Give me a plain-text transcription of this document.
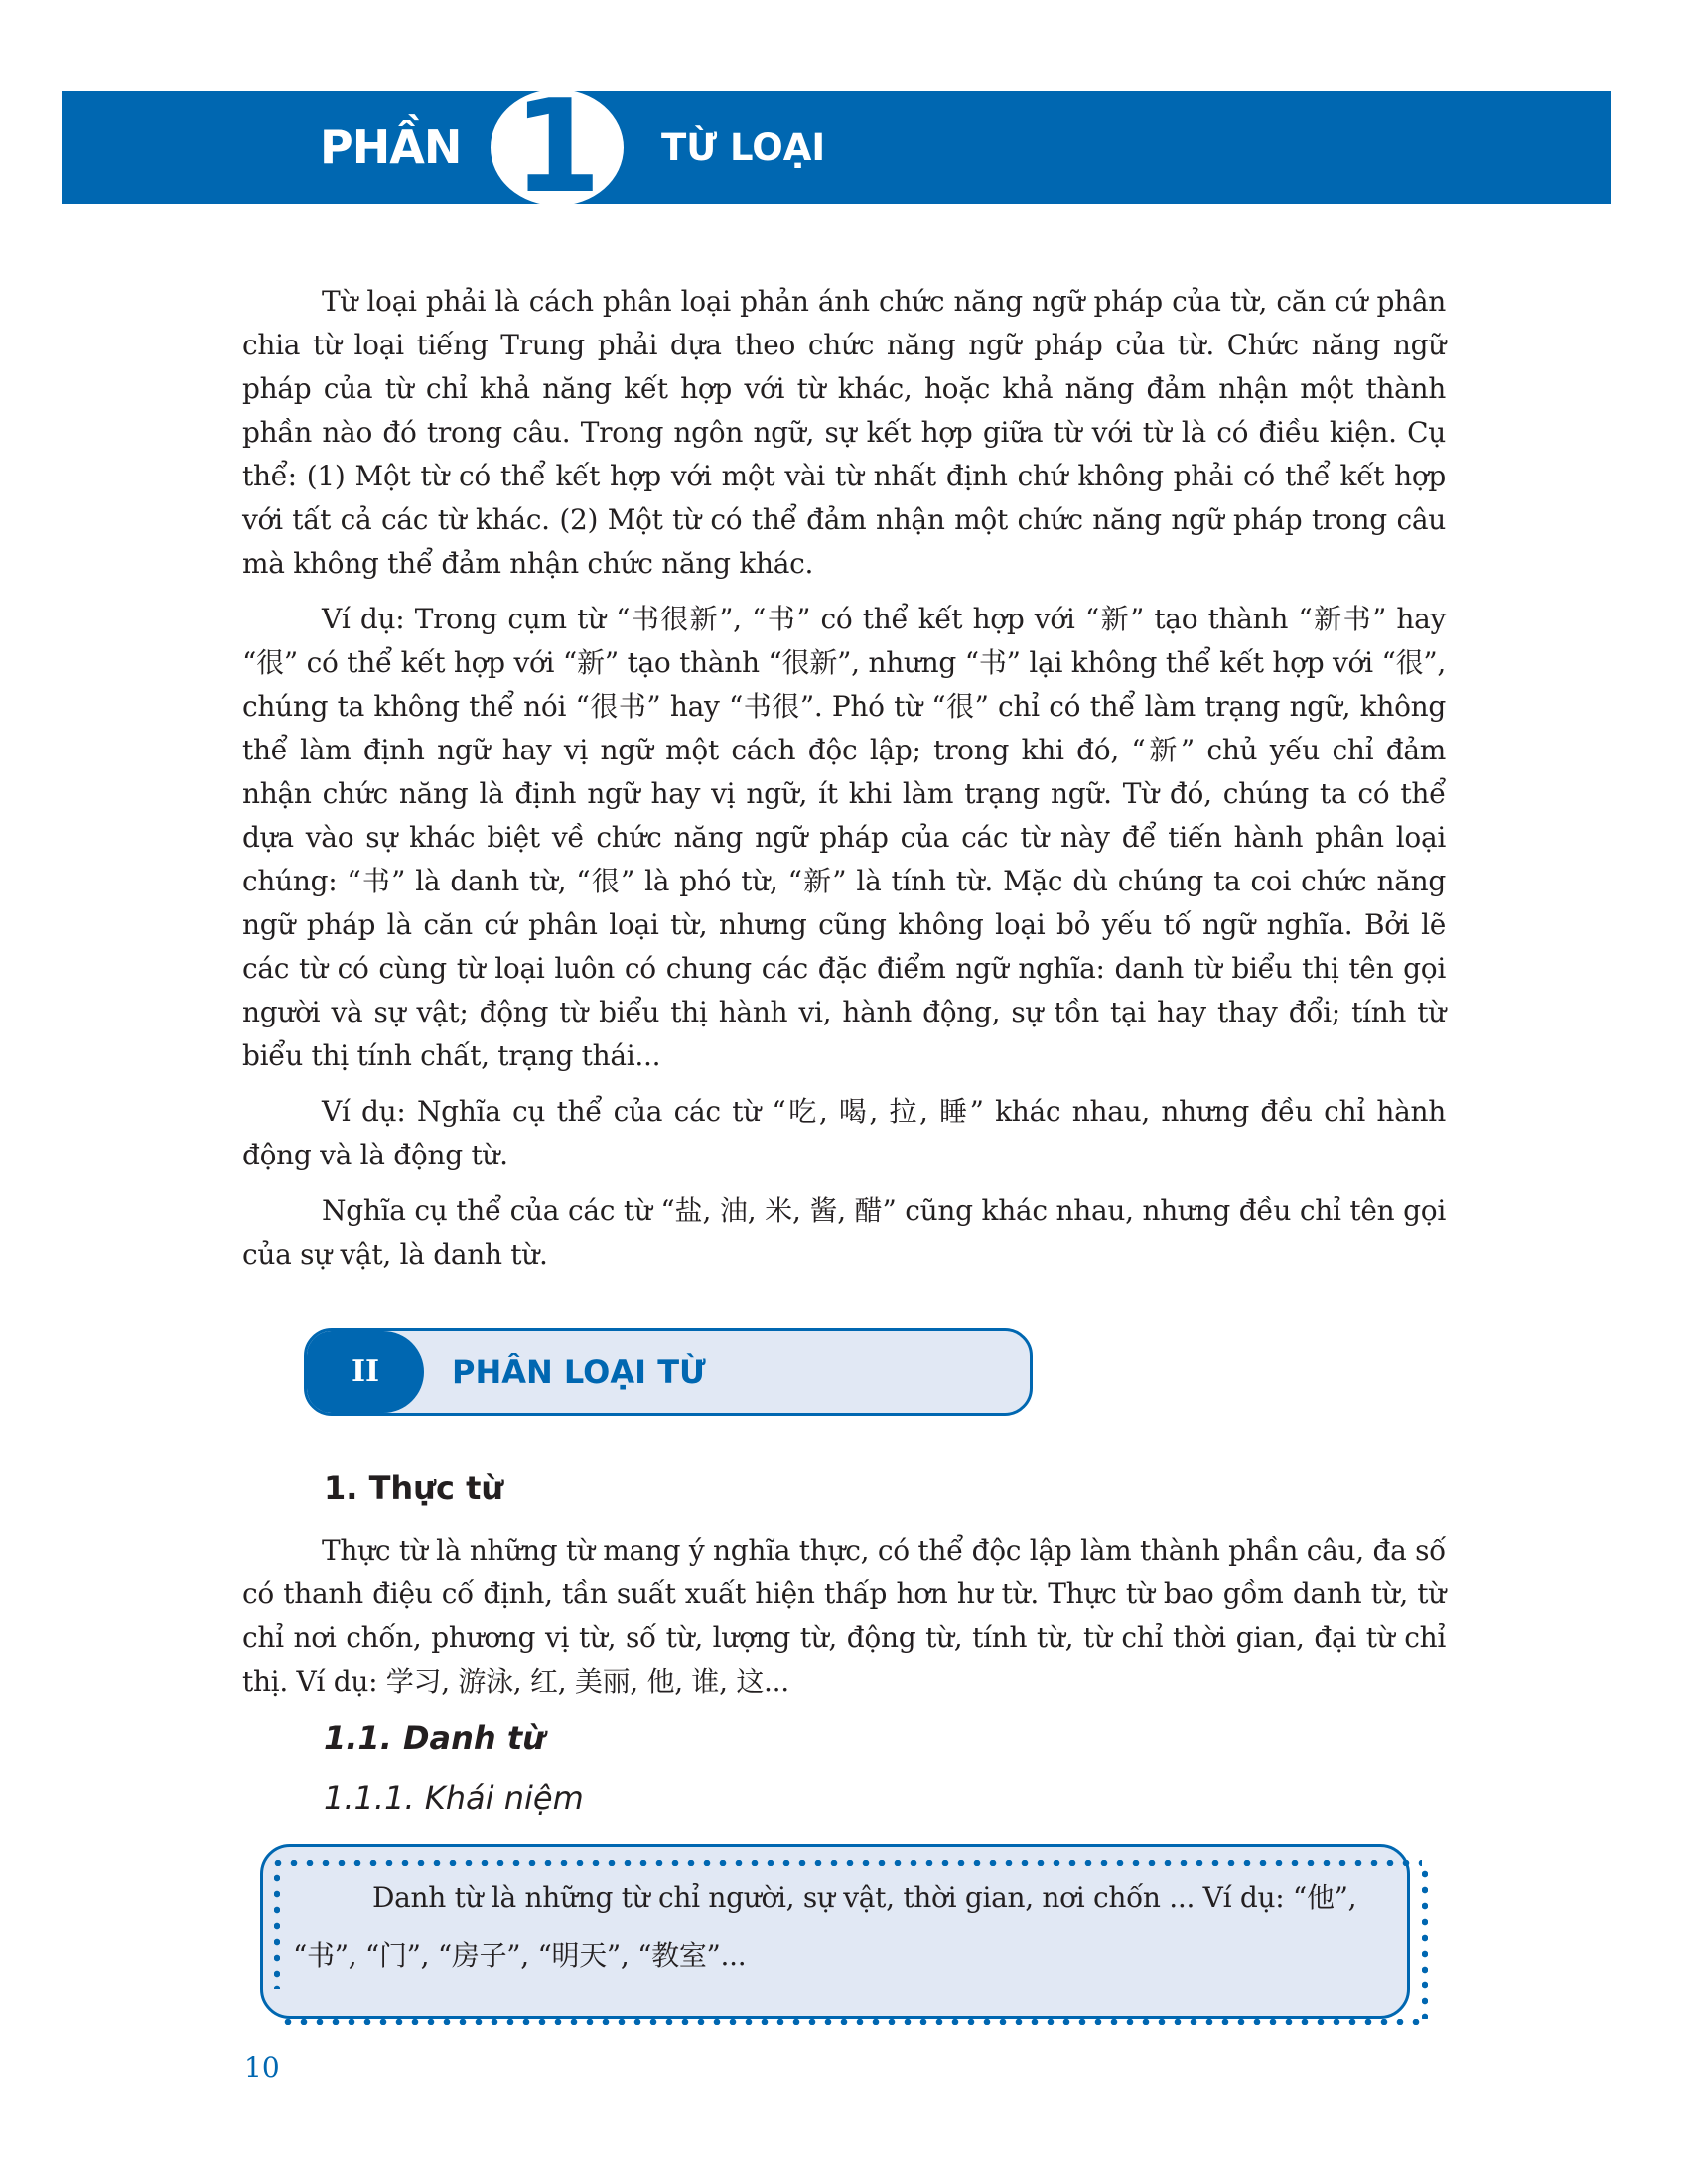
PHẦN 1	TỪ LOẠI

Từ loại phải là cách phân loại phản ánh chức năng ngữ pháp của từ, căn cứ phân chia từ loại tiếng Trung phải dựa theo chức năng ngữ pháp của từ. Chức năng ngữ pháp của từ chỉ khả năng kết hợp với từ khác, hoặc khả năng đảm nhận một thành phần nào đó trong câu. Trong ngôn ngữ, sự kết hợp giữa từ với từ là có điều kiện. Cụ thể: (1) Một từ có thể kết hợp với một vài từ nhất định chứ không phải có thể kết hợp với tất cả các từ khác. (2) Một từ có thể đảm nhận một chức năng ngữ pháp trong câu mà không thể đảm nhận chức năng khác.

Ví dụ: Trong cụm từ “书很新”, “书” có thể kết hợp với “新” tạo thành “新书” hay “很” có thể kết hợp với “新” tạo thành “很新”, nhưng “书” lại không thể kết hợp với “很”, chúng ta không thể nói “很书” hay “书很”. Phó từ “很” chỉ có thể làm trạng ngữ, không thể làm định ngữ hay vị ngữ một cách độc lập; trong khi đó, “新” chủ yếu chỉ đảm nhận chức năng là định ngữ hay vị ngữ, ít khi làm trạng ngữ. Từ đó, chúng ta có thể dựa vào sự khác biệt về chức năng ngữ pháp của các từ này để tiến hành phân loại chúng: “书” là danh từ, “很” là phó từ, “新” là tính từ. Mặc dù chúng ta coi chức năng ngữ pháp là căn cứ phân loại từ, nhưng cũng không loại bỏ yếu tố ngữ nghĩa. Bởi lẽ các từ có cùng từ loại luôn có chung các đặc điểm ngữ nghĩa: danh từ biểu thị tên gọi người và sự vật; động từ biểu thị hành vi, hành động, sự tồn tại hay thay đổi; tính từ biểu thị tính chất, trạng thái...

Ví dụ: Nghĩa cụ thể của các từ “吃, 喝, 拉, 睡” khác nhau, nhưng đều chỉ hành động và là động từ.

Nghĩa cụ thể của các từ “盐, 油, 米, 酱, 醋” cũng khác nhau, nhưng đều chỉ tên gọi của sự vật, là danh từ.

II	PHÂN LOẠI TỪ
1. Thực từ

Thực từ là những từ mang ý nghĩa thực, có thể độc lập làm thành phần câu, đa số có thanh điệu cố định, tần suất xuất hiện thấp hơn hư từ. Thực từ bao gồm danh từ, từ chỉ nơi chốn, phương vị từ, số từ, lượng từ, động từ, tính từ, từ chỉ thời gian, đại từ chỉ thị. Ví dụ: 学习, 游泳, 红, 美丽, 他, 谁, 这...

1.1. Danh từ
1.1.1. Khái niệm

Danh từ là những từ chỉ người, sự vật, thời gian, nơi chốn ... Ví dụ: “他”, “书”, “门”, “房子”, “明天”, “教室”...

10
